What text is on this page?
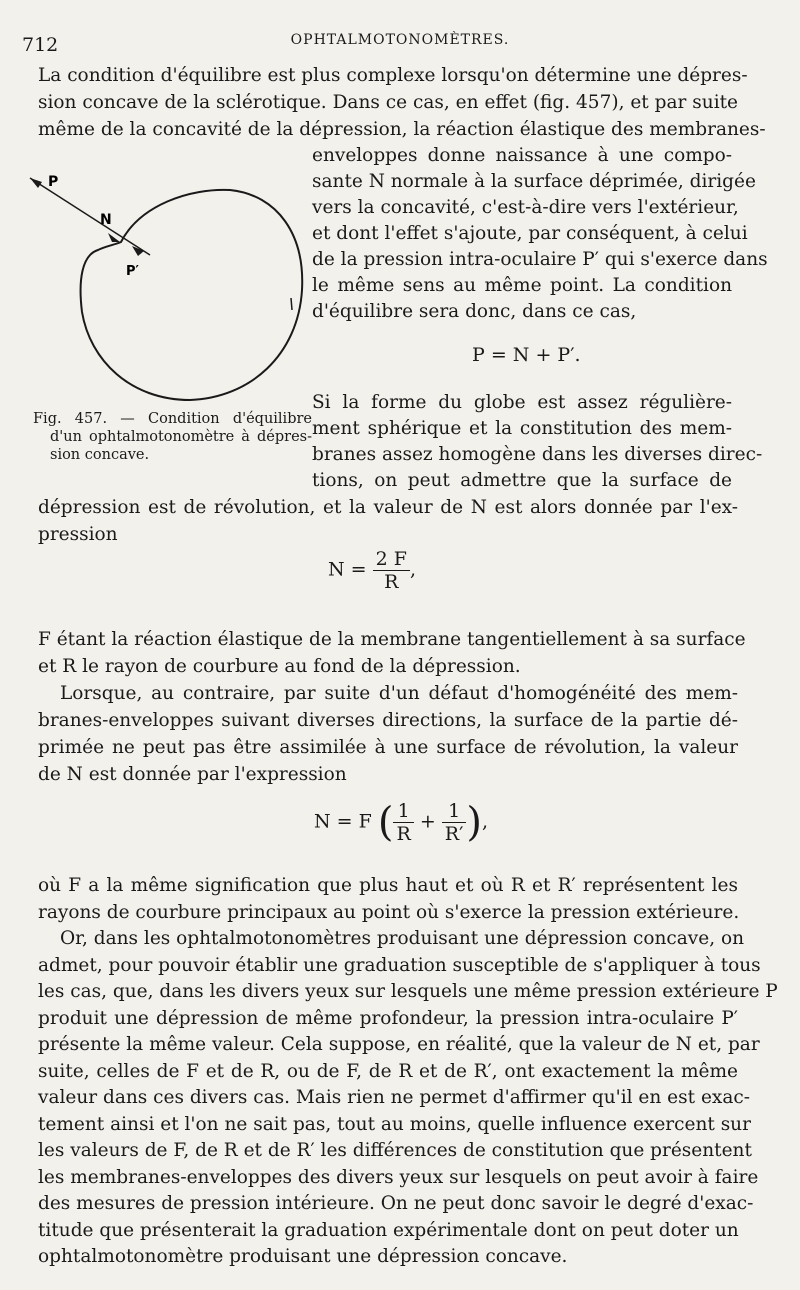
712	OPHTALMOTONOMÈTRES.
La condition d'équilibre est plus complexe lorsqu'on détermine une dépres-
sion concave de la sclérotique. Dans ce cas, en effet (fig. 457), et par suite
même de la concavité de la dépression, la réaction élastique des membranes-
enveloppes donne naissance à une compo-
sante N normale à la surface déprimée, dirigée
vers la concavité, c'est-à-dire vers l'extérieur,
et dont l'effet s'ajoute, par conséquent, à celui
de la pression intra-oculaire P′ qui s'exerce dans
le même sens au même point. La condition
d'équilibre sera donc, dans ce cas,
P = N + P′.
P
N
P′
Fig. 457. — Condition d'équilibre
d'un ophtalmotonomètre à dépres-
sion concave.
Si la forme du globe est assez régulière-
ment sphérique et la constitution des mem-
branes assez homogène dans les diverses direc-
tions, on peut admettre que la surface de
dépression est de révolution, et la valeur de N est alors donnée par l'ex-
pression
$N = \frac{2 F}{R}$ ,
F étant la réaction élastique de la membrane tangentiellement à sa surface
et R le rayon de courbure au fond de la dépression.
Lorsque, au contraire, par suite d'un défaut d'homogénéité des mem-
branes-enveloppes suivant diverses directions, la surface de la partie dé-
primée ne peut pas être assimilée à une surface de révolution, la valeur
de N est donnée par l'expression
N = F ( $\frac{1}{R} + \frac{1}{R'}$ ),
où F a la même signification que plus haut et où R et R′ représentent les
rayons de courbure principaux au point où s'exerce la pression extérieure.
Or, dans les ophtalmotonomètres produisant une dépression concave, on
admet, pour pouvoir établir une graduation susceptible de s'appliquer à tous
les cas, que, dans les divers yeux sur lesquels une même pression extérieure P
produit une dépression de même profondeur, la pression intra-oculaire P′
présente la même valeur. Cela suppose, en réalité, que la valeur de N et, par
suite, celles de F et de R, ou de F, de R et de R′, ont exactement la même
valeur dans ces divers cas. Mais rien ne permet d'affirmer qu'il en est exac-
tement ainsi et l'on ne sait pas, tout au moins, quelle influence exercent sur
les valeurs de F, de R et de R′ les différences de constitution que présentent
les membranes-enveloppes des divers yeux sur lesquels on peut avoir à faire
des mesures de pression intérieure. On ne peut donc savoir le degré d'exac-
titude que présenterait la graduation expérimentale dont on peut doter un
ophtalmotonomètre produisant une dépression concave.
